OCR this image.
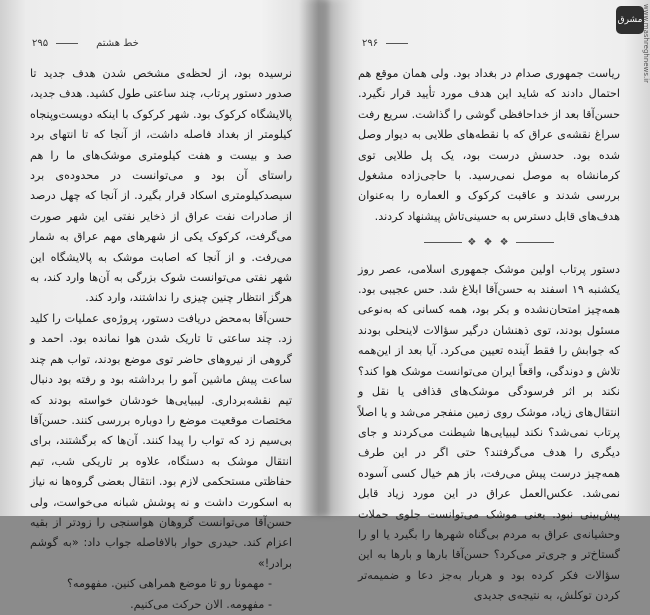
۲۹۵	خط هشتم

نرسیده بود، از لحظه‌ی مشخص شدن هدف جدید تا صدور دستور پرتاب، چند ساعتی طول کشید. هدف جدید، پالایشگاه کرکوک بود. شهر کرکوک با اینکه دویست‌وپنجاه کیلومتر از بغداد فاصله داشت، از آنجا که تا انتهای برد صد و بیست و هفت کیلومتری موشک‌های ما را هم راستای آن بود و می‌توانست در محدوده‌ی برد سیصدکیلومتری اسکاد قرار بگیرد. از آنجا که چهل درصد از صادرات نفت عراق از ذخایر نفتی این شهر صورت می‌گرفت، کرکوک یکی از شهرهای مهم عراق به شمار می‌رفت. و از آنجا که اصابت موشک به پالایشگاه این شهر نفتی می‌توانست شوک بزرگی به آن‌ها وارد کند، به‌ هرگز انتظار چنین چیزی را نداشتند، وارد کند.

حسن‌آقا به‌محض دریافت دستور، پروژه‌ی عملیات را کلید زد. چند ساعتی تا تاریک شدن هوا نمانده بود. احمد و گروهی از نیروهای حاضر توی موضع بودند، تواب هم چند ساعت پیش ماشین آمو را برداشته بود و رفته بود دنبال تیم نقشه‌برداری. لیبیایی‌ها خودشان خواسته بودند که مختصات موقعیت موضع را دوباره بررسی کنند. حسن‌آقا بی‌سیم زد که تواب را پیدا کنند. آن‌ها که برگشتند، برای انتقال موشک به دستگاه، علاوه بر تاریکی شب، تیم حفاظتی مستحکمی لازم بود. انتقال بعضی گروه‌ها نه نیاز به اسکورت داشت و نه پوشش شبانه می‌خواست، ولی حسن‌آقا می‌توانست گروهان هواسنجی را زودتر از بقیه اعزام کند. حیدری حوار بالافاصله جواب داد: «به گوشم برادر!»

- مهمونا رو تا موضع همراهی کنین. مفهومه؟

- مفهومه. الان حرکت می‌کنیم.

۲۹۶

ریاست جمهوری صدام در بغداد بود. ولی همان موقع هم احتمال دادند که شاید این هدف مورد تأیید قرار نگیرد. حسن‌آقا بعد از خداحافظی گوشی را گذاشت. سریع رفت سراغ نقشه‌ی عراق که با نقطه‌های طلایی به دیوار وصل شده بود. حدسش درست بود، یک پل طلایی توی کرمانشاه به موصل نمی‌رسید. با حاجی‌زاده مشغول بررسی شدند و عاقبت کرکوک و العماره را به‌عنوان هدف‌های قابل دسترس به حسینی‌تاش پیشنهاد کردند.

❖ ❖ ❖

دستور پرتاب اولین موشک جمهوری اسلامی، عصر روز یکشنبه ۱۹ اسفند به حسن‌آقا ابلاغ شد. حس عجیبی بود. همه‌چیز امتحان‌نشده و بکر بود، همه کسانی که به‌نوعی مسئول بودند، توی ذهنشان درگیر سؤالات لاینحلی بودند که جوابش را فقط آینده تعیین می‌کرد. آیا بعد از این‌همه تلاش و دوندگی، واقعاً ایران می‌توانست موشک هوا کند؟ نکند بر اثر فرسودگی موشک‌های قذافی یا نقل و انتقال‌های زیاد، موشک روی زمین منفجر می‌شد و یا اصلاً پرتاب نمی‌شد؟ نکند لیبیایی‌ها شیطنت می‌کردند و جای دیگری را هدف می‌گرفتند؟ حتی اگر در این طرف همه‌چیز درست پیش می‌رفت، باز هم خیال کسی آسوده نمی‌شد. عکس‌العمل عراق در این مورد زیاد قابل پیش‌بینی نبود. یعنی موشک می‌توانست جلوی حملات وحشیانه‌ی عراق به مردم بی‌گناه شهرها را بگیرد یا او را گستاخ‌تر و جری‌تر می‌کرد؟ حسن‌آقا بارها و بارها به این سؤالات فکر کرده بود و هربار به‌جز دعا و ضمیمه‌تر کردن توکلش، به نتیجه‌ی جدیدی

مشرق www.mashreghnews.ir
